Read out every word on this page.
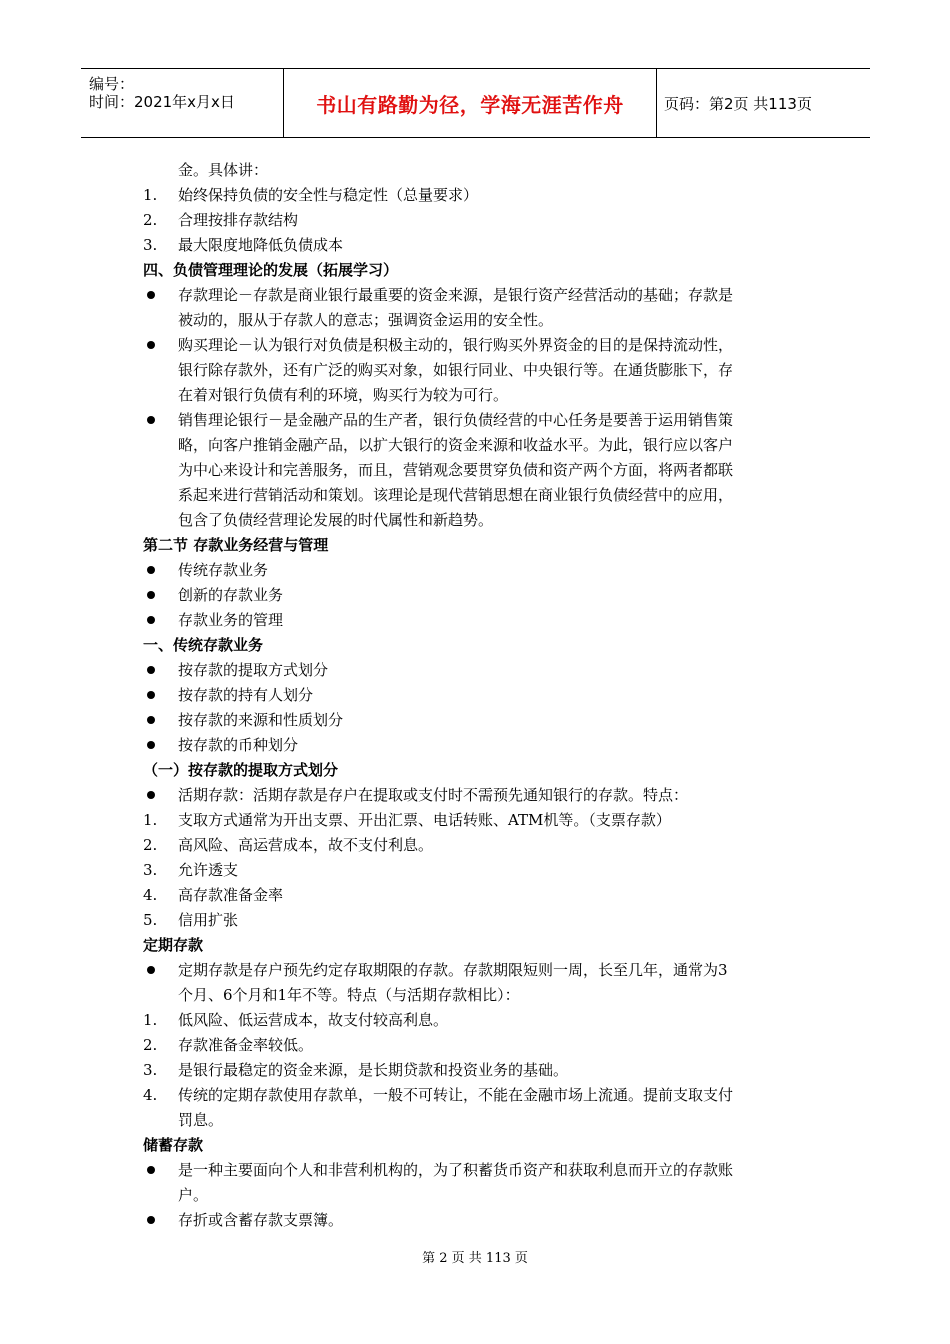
编号：
时间：2021年x月x日	书山有路勤为径，学海无涯苦作舟	页码：第2页 共113页
金。具体讲：
1. 始终保持负债的安全性与稳定性（总量要求）
2. 合理按排存款结构
3. 最大限度地降低负债成本
四、负债管理理论的发展（拓展学习）
存款理论－存款是商业银行最重要的资金来源，是银行资产经营活动的基础；存款是
被动的，服从于存款人的意志；强调资金运用的安全性。
购买理论－认为银行对负债是积极主动的，银行购买外界资金的目的是保持流动性，
银行除存款外，还有广泛的购买对象，如银行同业、中央银行等。在通货膨胀下，存
在着对银行负债有利的环境，购买行为较为可行。
销售理论银行－是金融产品的生产者，银行负债经营的中心任务是要善于运用销售策
略，向客户推销金融产品，以扩大银行的资金来源和收益水平。为此，银行应以客户
为中心来设计和完善服务，而且，营销观念要贯穿负债和资产两个方面，将两者都联
系起来进行营销活动和策划。该理论是现代营销思想在商业银行负债经营中的应用，
包含了负债经营理论发展的时代属性和新趋势。
第二节 存款业务经营与管理
传统存款业务
创新的存款业务
存款业务的管理
一、传统存款业务
按存款的提取方式划分
按存款的持有人划分
按存款的来源和性质划分
按存款的币种划分
（一）按存款的提取方式划分
活期存款：活期存款是存户在提取或支付时不需预先通知银行的存款。特点：
1. 支取方式通常为开出支票、开出汇票、电话转账、ATM机等。（支票存款）
2. 高风险、高运营成本，故不支付利息。
3. 允许透支
4. 高存款准备金率
5. 信用扩张
定期存款
定期存款是存户预先约定存取期限的存款。存款期限短则一周，长至几年，通常为3
个月、6个月和1年不等。特点（与活期存款相比）：
1. 低风险、低运营成本，故支付较高利息。
2. 存款准备金率较低。
3. 是银行最稳定的资金来源，是长期贷款和投资业务的基础。
4. 传统的定期存款使用存款单，一般不可转让，不能在金融市场上流通。提前支取支付
罚息。
储蓄存款
是一种主要面向个人和非营利机构的，为了积蓄货币资产和获取利息而开立的存款账
户。
存折或含蓄存款支票簿。
第 2 页 共 113 页
